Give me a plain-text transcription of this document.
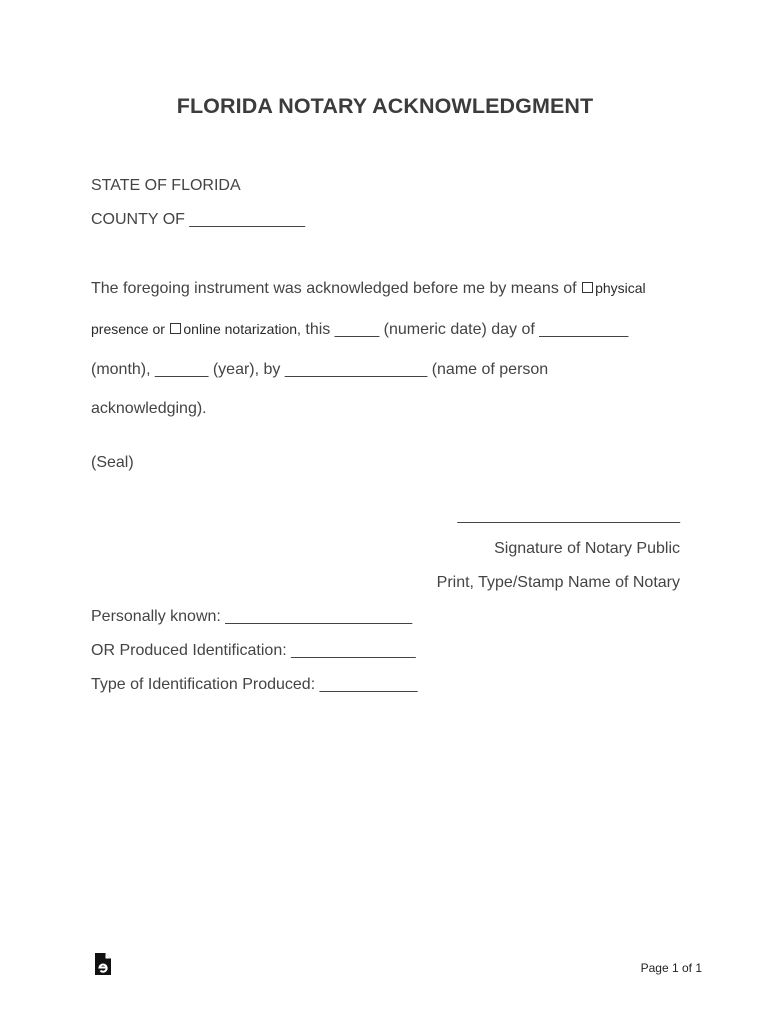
FLORIDA NOTARY ACKNOWLEDGMENT
STATE OF FLORIDA
COUNTY OF _____________
The foregoing instrument was acknowledged before me by means of physical
presence or online notarization, this _____ (numeric date) day of __________
(month), ______ (year), by ________________ (name of person
acknowledging).
(Seal)
_________________________
Signature of Notary Public
Print, Type/Stamp Name of Notary
Personally known: _____________________
OR Produced Identification: ______________
Type of Identification Produced: ___________
Page 1 of 1
